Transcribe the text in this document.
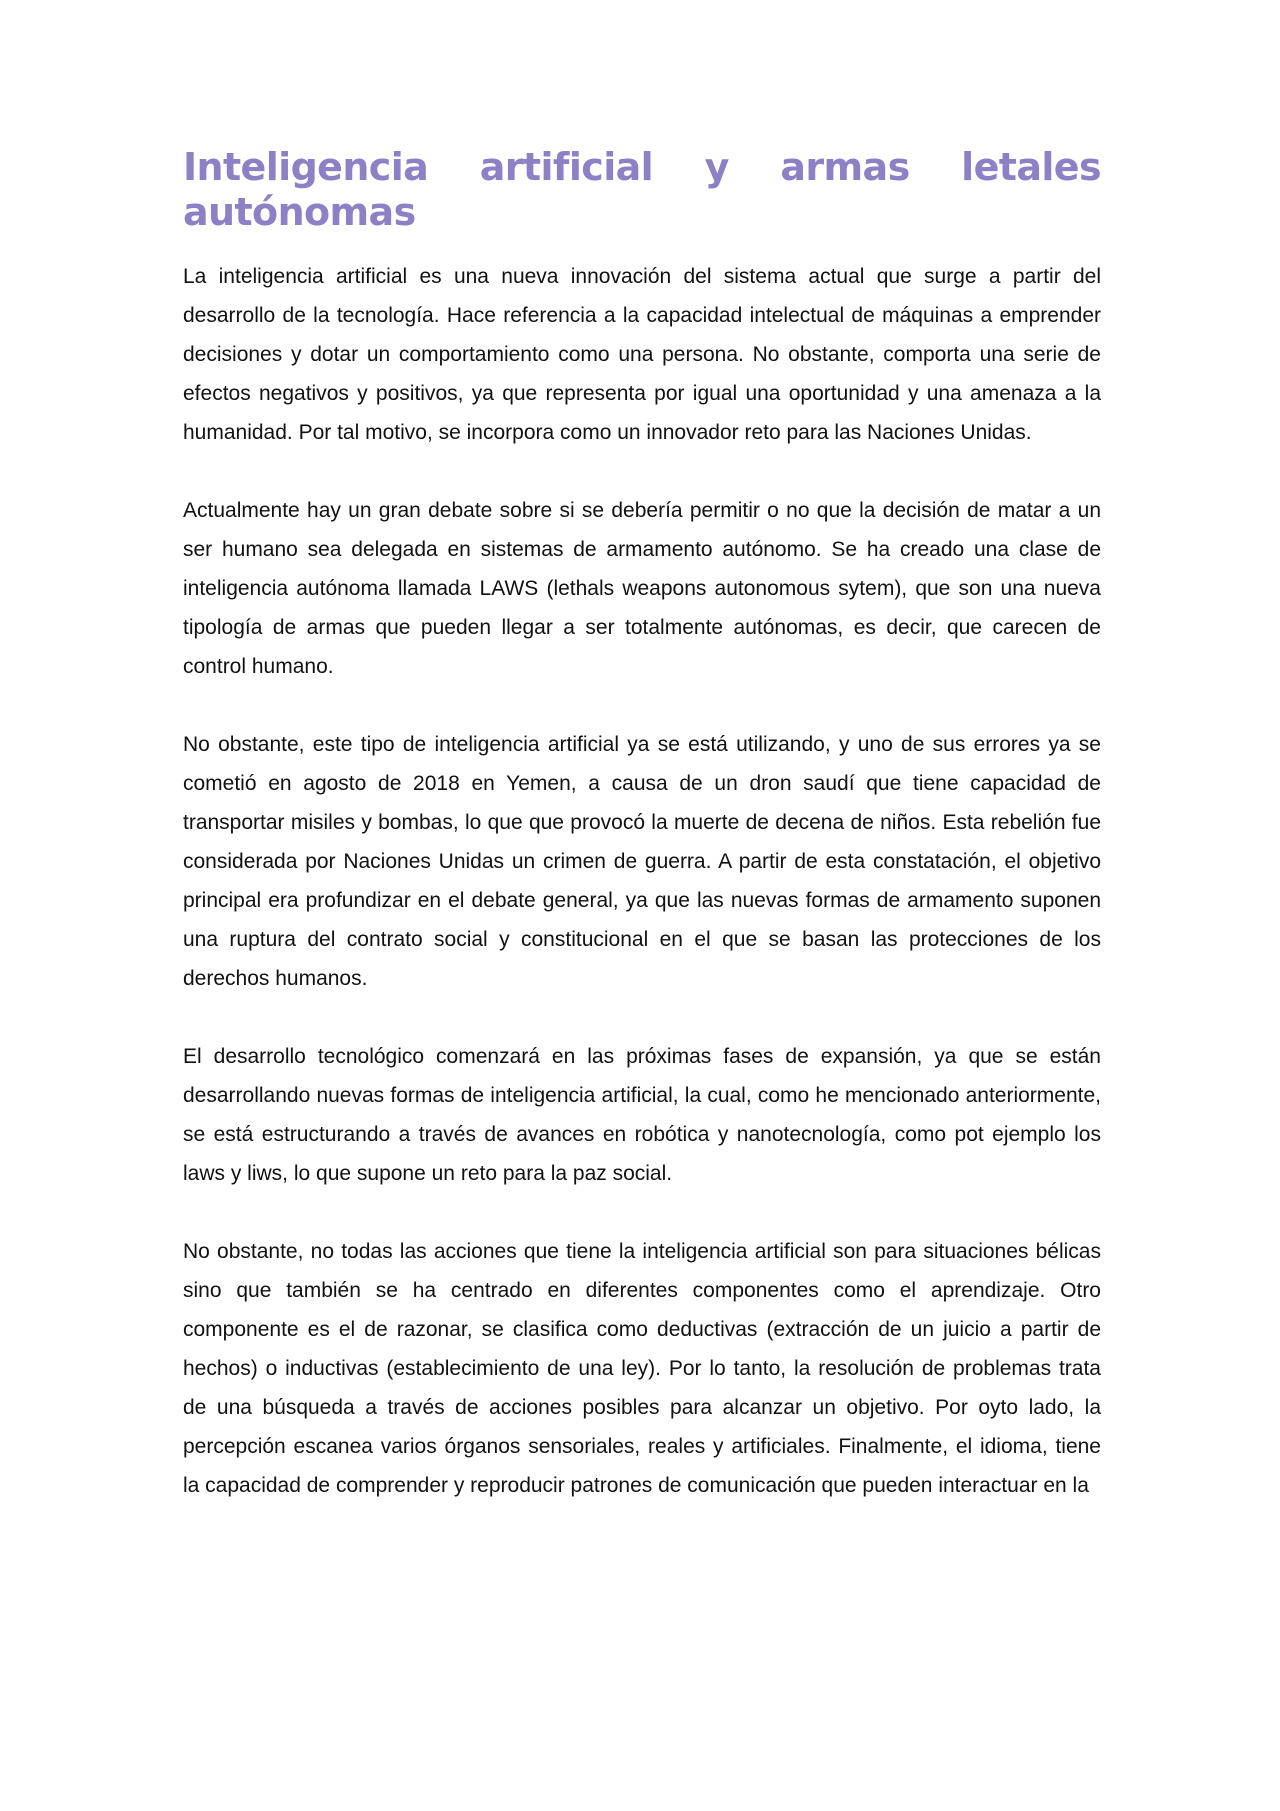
Inteligencia artificial y armas letales autónomas

La inteligencia artificial es una nueva innovación del sistema actual que surge a partir del desarrollo de la tecnología. Hace referencia a la capacidad intelectual de máquinas a emprender decisiones y dotar un comportamiento como una persona. No obstante, comporta una serie de efectos negativos y positivos, ya que representa por igual una oportunidad y una amenaza a la humanidad. Por tal motivo, se incorpora como un innovador reto para las Naciones Unidas.

Actualmente hay un gran debate sobre si se debería permitir o no que la decisión de matar a un ser humano sea delegada en sistemas de armamento autónomo. Se ha creado una clase de inteligencia autónoma llamada LAWS (lethals weapons autonomous sytem), que son una nueva tipología de armas que pueden llegar a ser totalmente autónomas, es decir, que carecen de control humano.

No obstante, este tipo de inteligencia artificial ya se está utilizando, y uno de sus errores ya se cometió en agosto de 2018 en Yemen, a causa de un dron saudí que tiene capacidad de transportar misiles y bombas, lo que que provocó la muerte de decena de niños. Esta rebelión fue considerada por Naciones Unidas un crimen de guerra. A partir de esta constatación, el objetivo principal era profundizar en el debate general, ya que las nuevas formas de armamento suponen una ruptura del contrato social y constitucional en el que se basan las protecciones de los derechos humanos.

El desarrollo tecnológico comenzará en las próximas fases de expansión, ya que se están desarrollando nuevas formas de inteligencia artificial, la cual, como he mencionado anteriormente, se está estructurando a través de avances en robótica y nanotecnología, como pot ejemplo los laws y liws, lo que supone un reto para la paz social.

No obstante, no todas las acciones que tiene la inteligencia artificial son para situaciones bélicas sino que también se ha centrado en diferentes componentes como el aprendizaje. Otro componente es el de razonar, se clasifica como deductivas (extracción de un juicio a partir de hechos) o inductivas (establecimiento de una ley). Por lo tanto, la resolución de problemas trata de una búsqueda a través de acciones posibles para alcanzar un objetivo. Por oyto lado, la percepción escanea varios órganos sensoriales, reales y artificiales. Finalmente, el idioma, tiene la capacidad de comprender y reproducir patrones de comunicación que pueden interactuar en la
